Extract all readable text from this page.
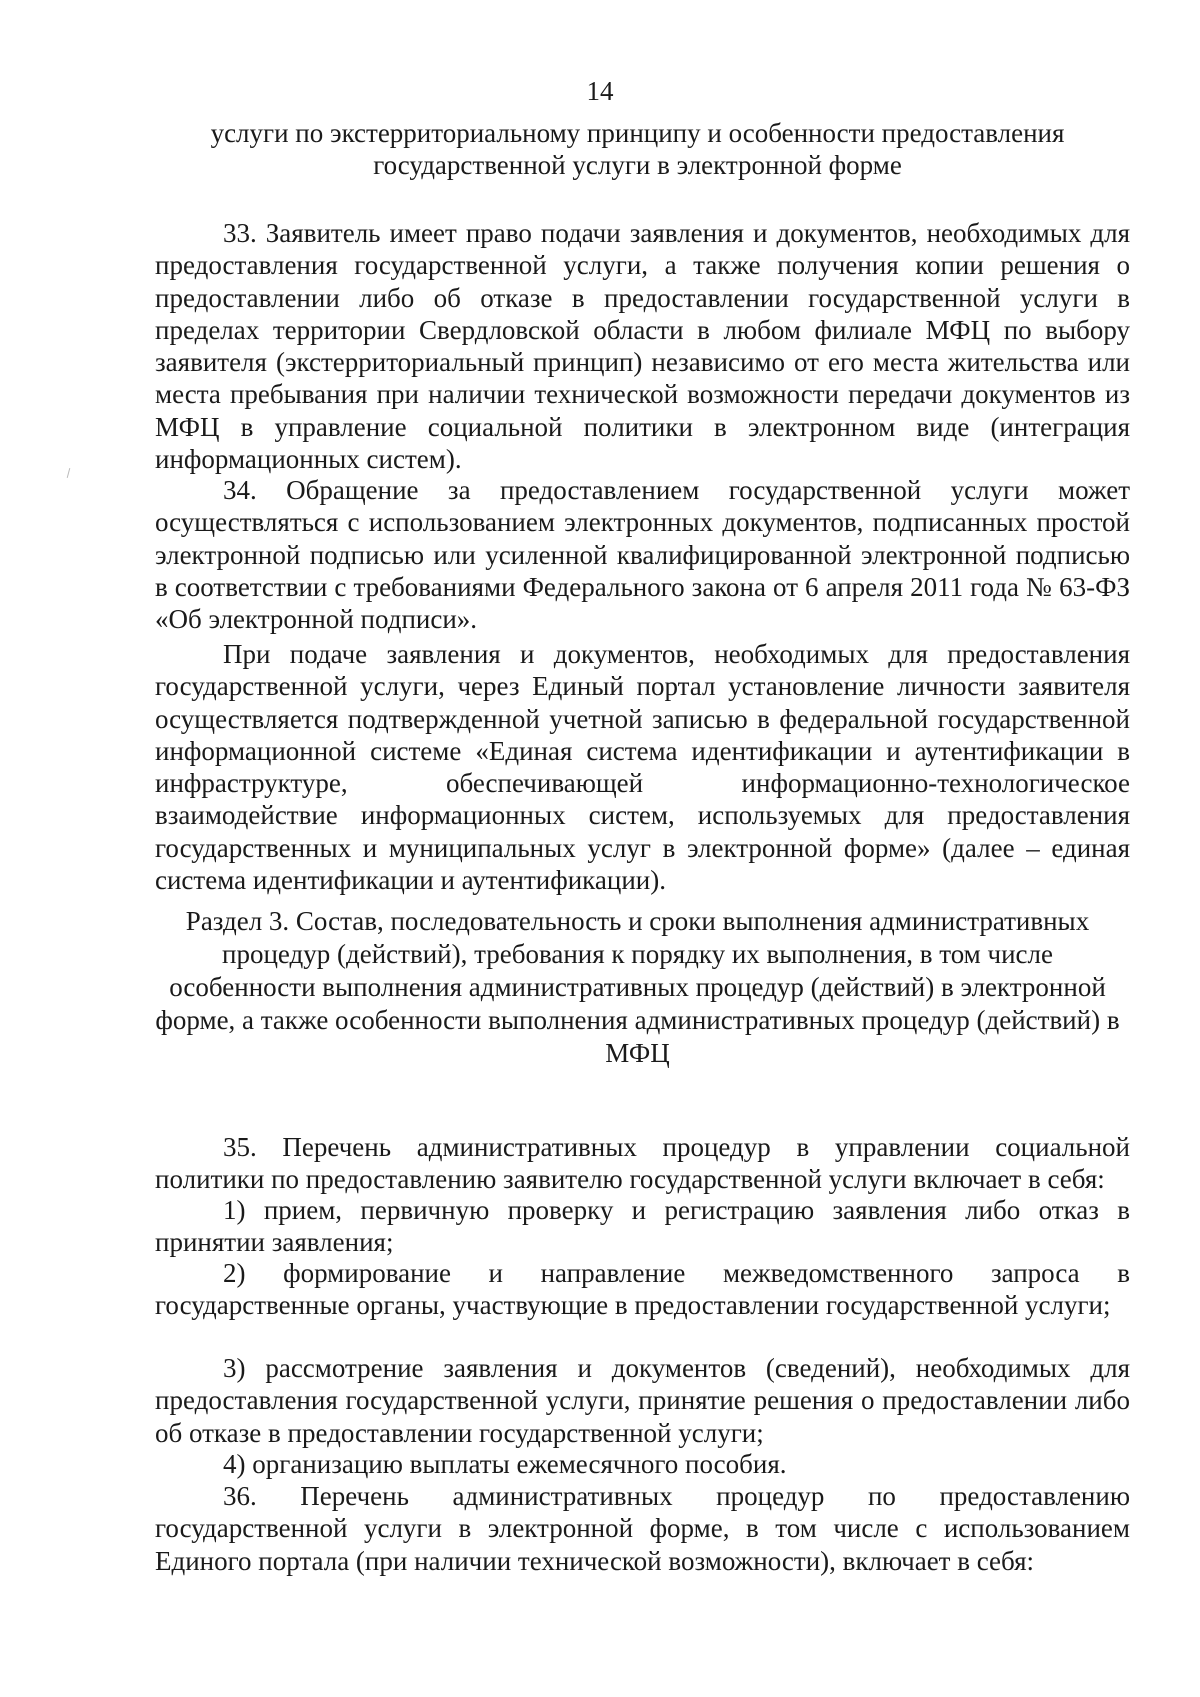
14
услуги по экстерриториальному принципу и особенности предоставления государственной услуги в электронной форме

33. Заявитель имеет право подачи заявления и документов, необходимых для предоставления государственной услуги, а также получения копии решения о предоставлении либо об отказе в предоставлении государственной услуги в пределах территории Свердловской области в любом филиале МФЦ по выбору заявителя (экстерриториальный принцип) независимо от его места жительства или места пребывания при наличии технической возможности передачи документов из МФЦ в управление социальной политики в электронном виде (интеграция информационных систем).

34. Обращение за предоставлением государственной услуги может осуществляться с использованием электронных документов, подписанных простой электронной подписью или усиленной квалифицированной электронной подписью в соответствии с требованиями Федерального закона от 6 апреля 2011 года № 63-ФЗ «Об электронной подписи».

При подаче заявления и документов, необходимых для предоставления государственной услуги, через Единый портал установление личности заявителя осуществляется подтвержденной учетной записью в федеральной государственной информационной системе «Единая система идентификации и аутентификации в инфраструктуре, обеспечивающей информационно-технологическое взаимодействие информационных систем, используемых для предоставления государственных и муниципальных услуг в электронной форме» (далее – единая система идентификации и аутентификации).

Раздел 3. Состав, последовательность и сроки выполнения административных процедур (действий), требования к порядку их выполнения, в том числе особенности выполнения административных процедур (действий) в электронной форме, а также особенности выполнения административных процедур (действий) в МФЦ

35. Перечень административных процедур в управлении социальной политики по предоставлению заявителю государственной услуги включает в себя:

1) прием, первичную проверку и регистрацию заявления либо отказ в принятии заявления;

2) формирование и направление межведомственного запроса в государственные органы, участвующие в предоставлении государственной услуги;

3) рассмотрение заявления и документов (сведений), необходимых для предоставления государственной услуги, принятие решения о предоставлении либо об отказе в предоставлении государственной услуги;

4) организацию выплаты ежемесячного пособия.

36. Перечень административных процедур по предоставлению государственной услуги в электронной форме, в том числе с использованием Единого портала (при наличии технической возможности), включает в себя:
